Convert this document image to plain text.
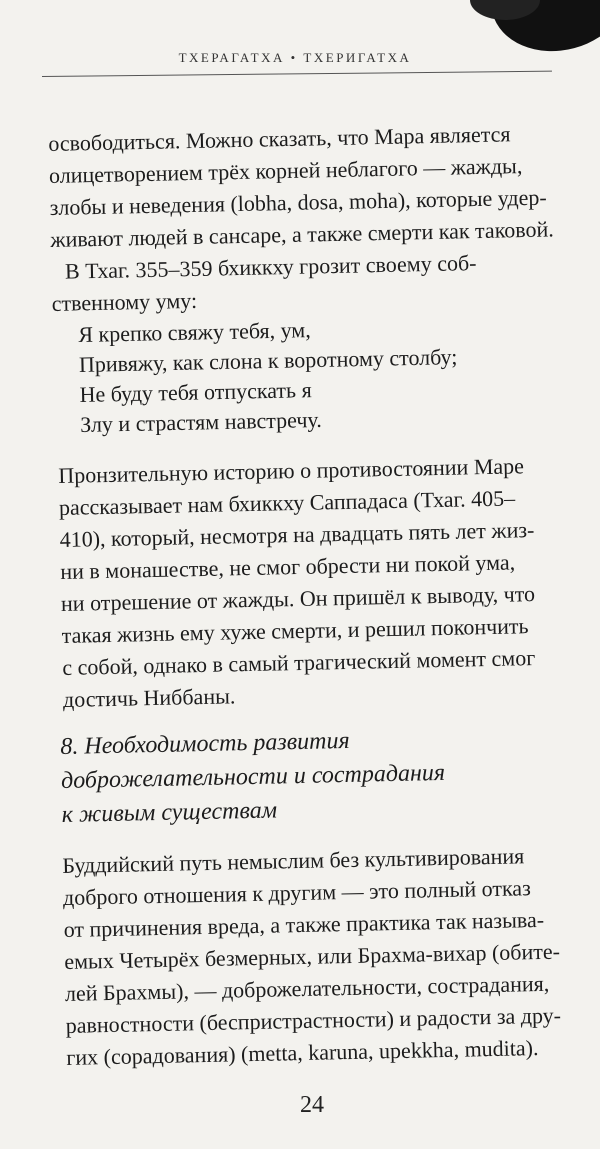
ТХЕРАГАТХА • ТХЕРИГАТХА

освободиться. Можно сказать, что Мара является
олицетворением трёх корней неблагого — жажды,
злобы и неведения (lobha, dosa, moha), которые удер-
живают людей в сансаре, а также смерти как таковой.

В Тхаг. 355–359 бхиккху грозит своему соб-
ственному уму:

Я крепко свяжу тебя, ум,
Привяжу, как слона к воротному столбу;
Не буду тебя отпускать я
Злу и страстям навстречу.

Пронзительную историю о противостоянии Маре
рассказывает нам бхиккху Саппадаса (Тхаг. 405–
410), который, несмотря на двадцать пять лет жиз-
ни в монашестве, не смог обрести ни покой ума,
ни отрешение от жажды. Он пришёл к выводу, что
такая жизнь ему хуже смерти, и решил покончить
с собой, однако в самый трагический момент смог
достичь Ниббаны.

8. Необходимость развития
доброжелательности и сострадания
к живым существам

Буддийский путь немыслим без культивирования
доброго отношения к другим — это полный отказ
от причинения вреда, а также практика так называ-
емых Четырёх безмерных, или Брахма-вихар (обите-
лей Брахмы), — доброжелательности, сострадания,
равностности (беспристрастности) и радости за дру-
гих (сорадования) (metta, karuna, upekkha, mudita).

24
